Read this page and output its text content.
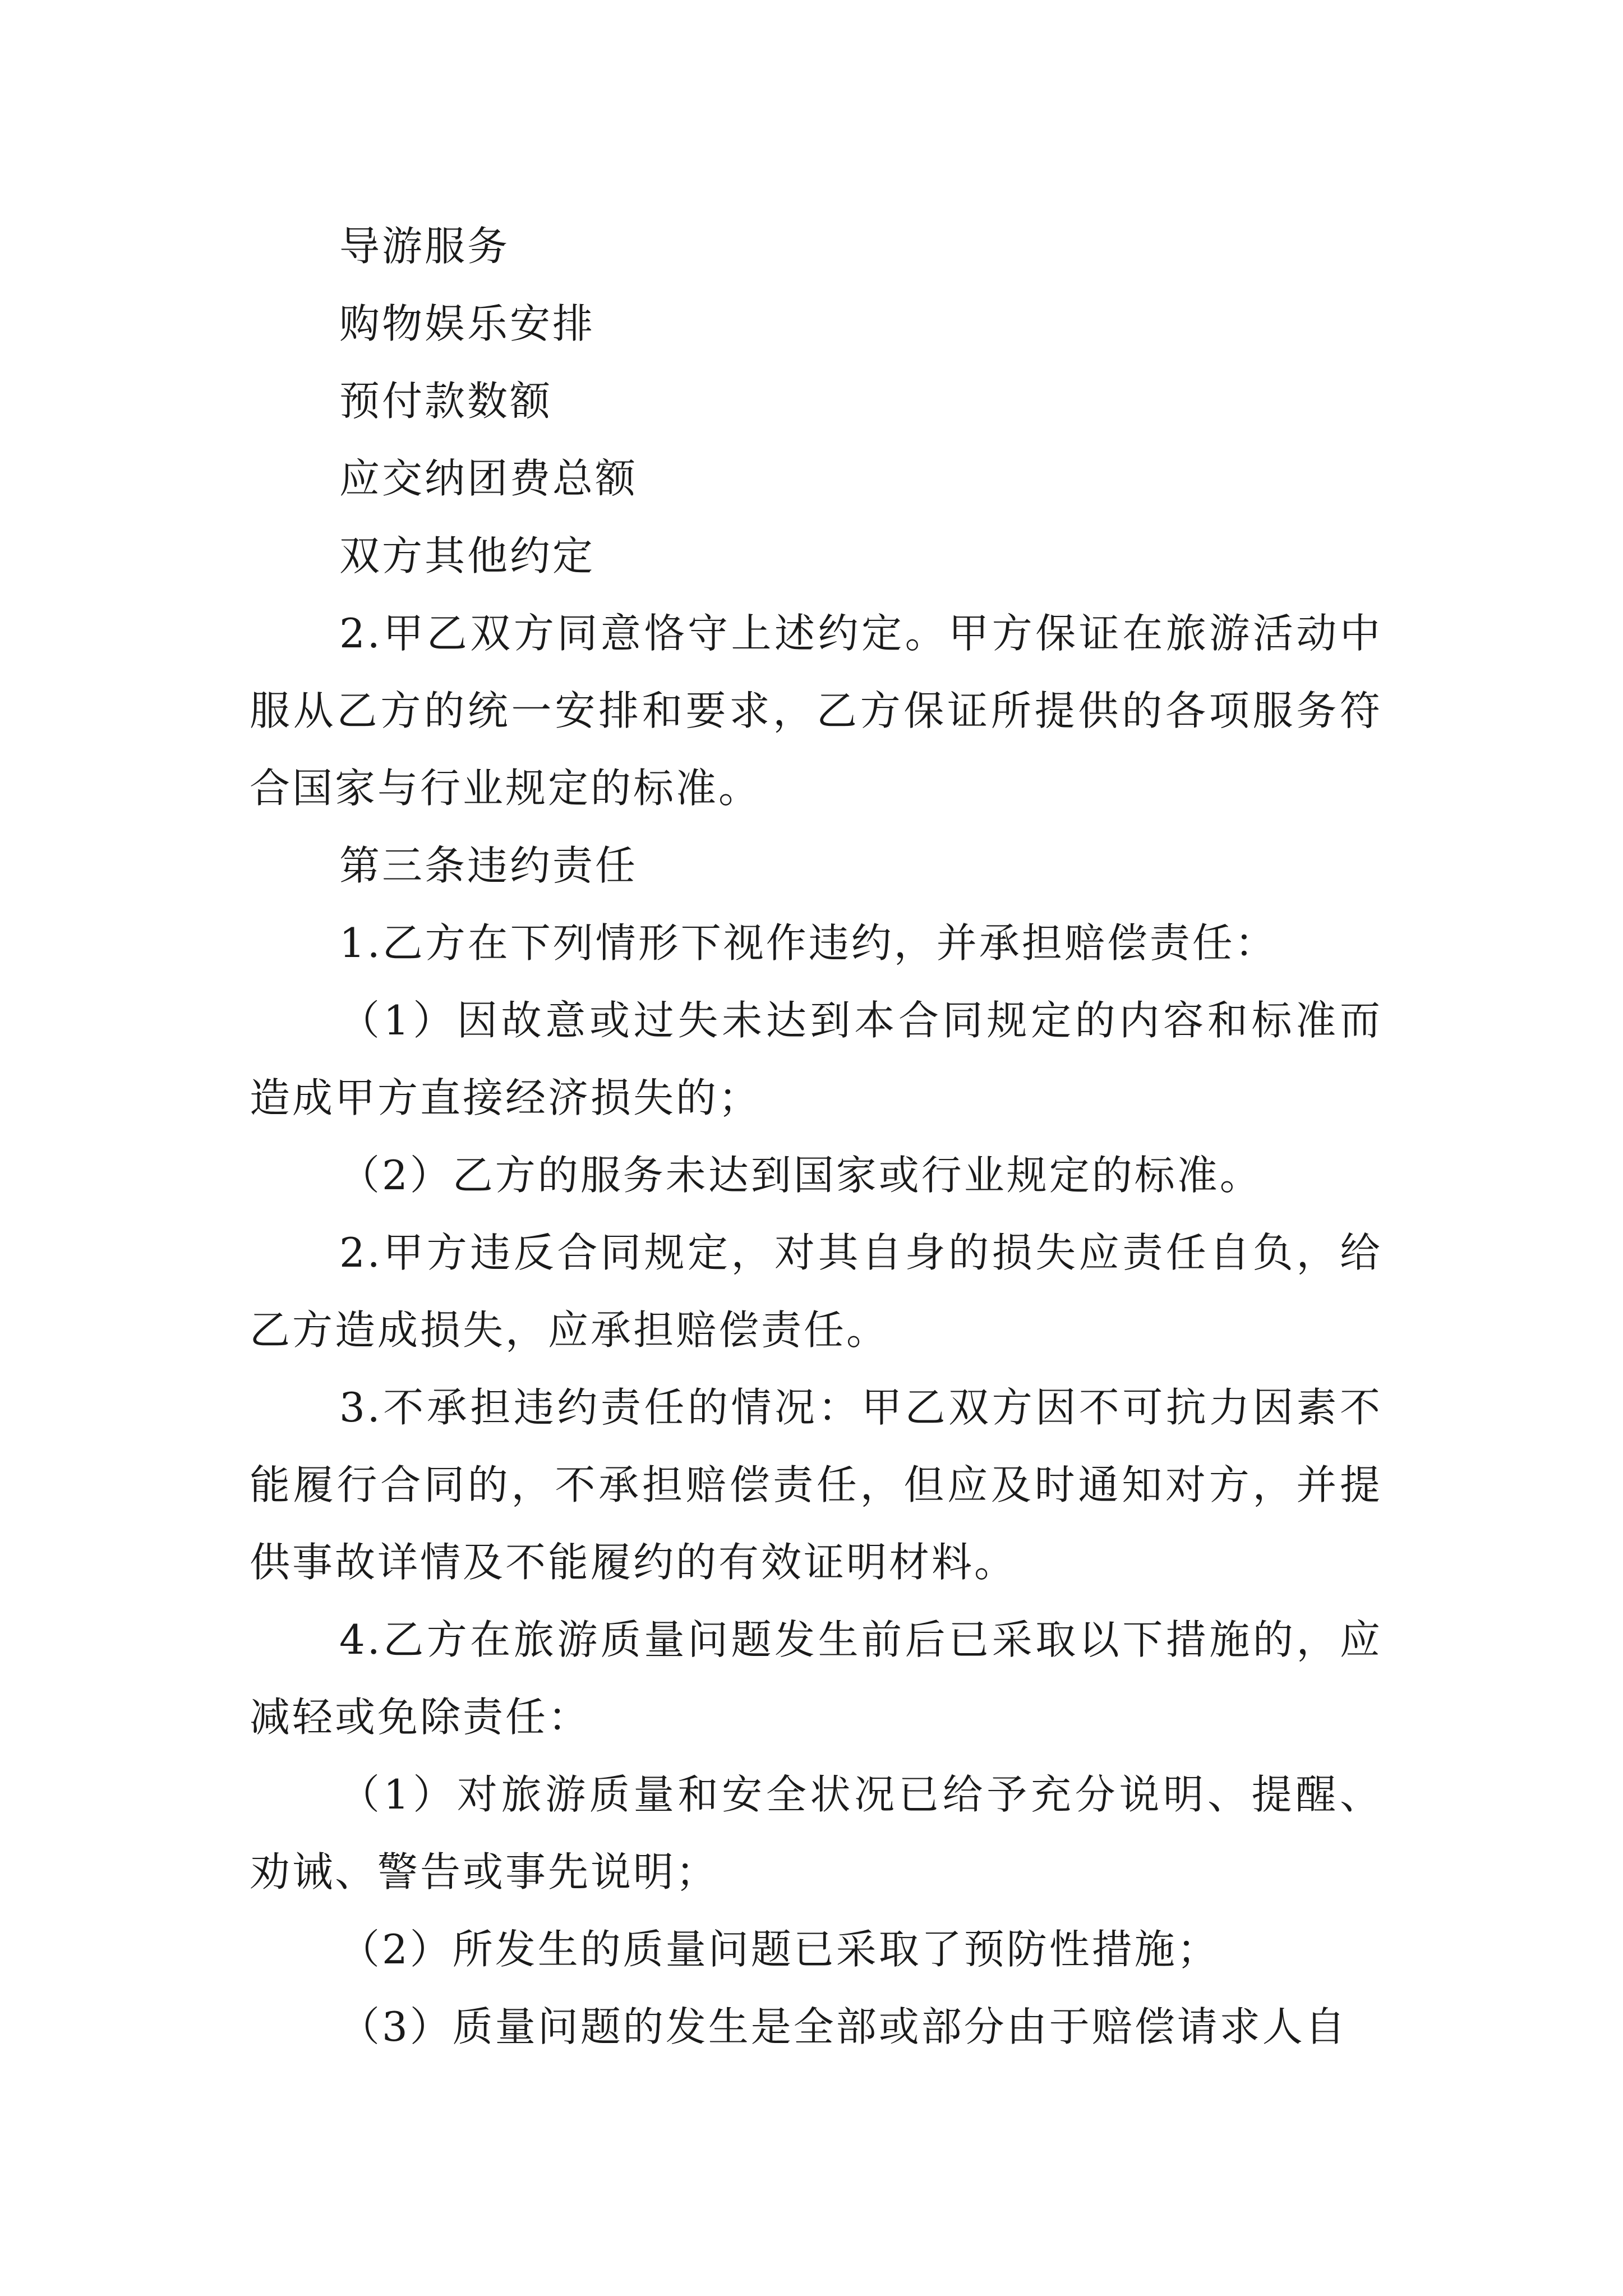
导游服务

购物娱乐安排

预付款数额

应交纳团费总额

双方其他约定

2.甲乙双方同意恪守上述约定。甲方保证在旅游活动中服从乙方的统一安排和要求，乙方保证所提供的各项服务符合国家与行业规定的标准。

第三条违约责任

1.乙方在下列情形下视作违约，并承担赔偿责任：

（1）因故意或过失未达到本合同规定的内容和标准而造成甲方直接经济损失的；

（2）乙方的服务未达到国家或行业规定的标准。

2.甲方违反合同规定，对其自身的损失应责任自负，给乙方造成损失，应承担赔偿责任。

3.不承担违约责任的情况：甲乙双方因不可抗力因素不能履行合同的，不承担赔偿责任，但应及时通知对方，并提供事故详情及不能履约的有效证明材料。

4.乙方在旅游质量问题发生前后已采取以下措施的，应减轻或免除责任：

（1）对旅游质量和安全状况已给予充分说明、提醒、劝诫、警告或事先说明；

（2）所发生的质量问题已采取了预防性措施；

（3）质量问题的发生是全部或部分由于赔偿请求人自
